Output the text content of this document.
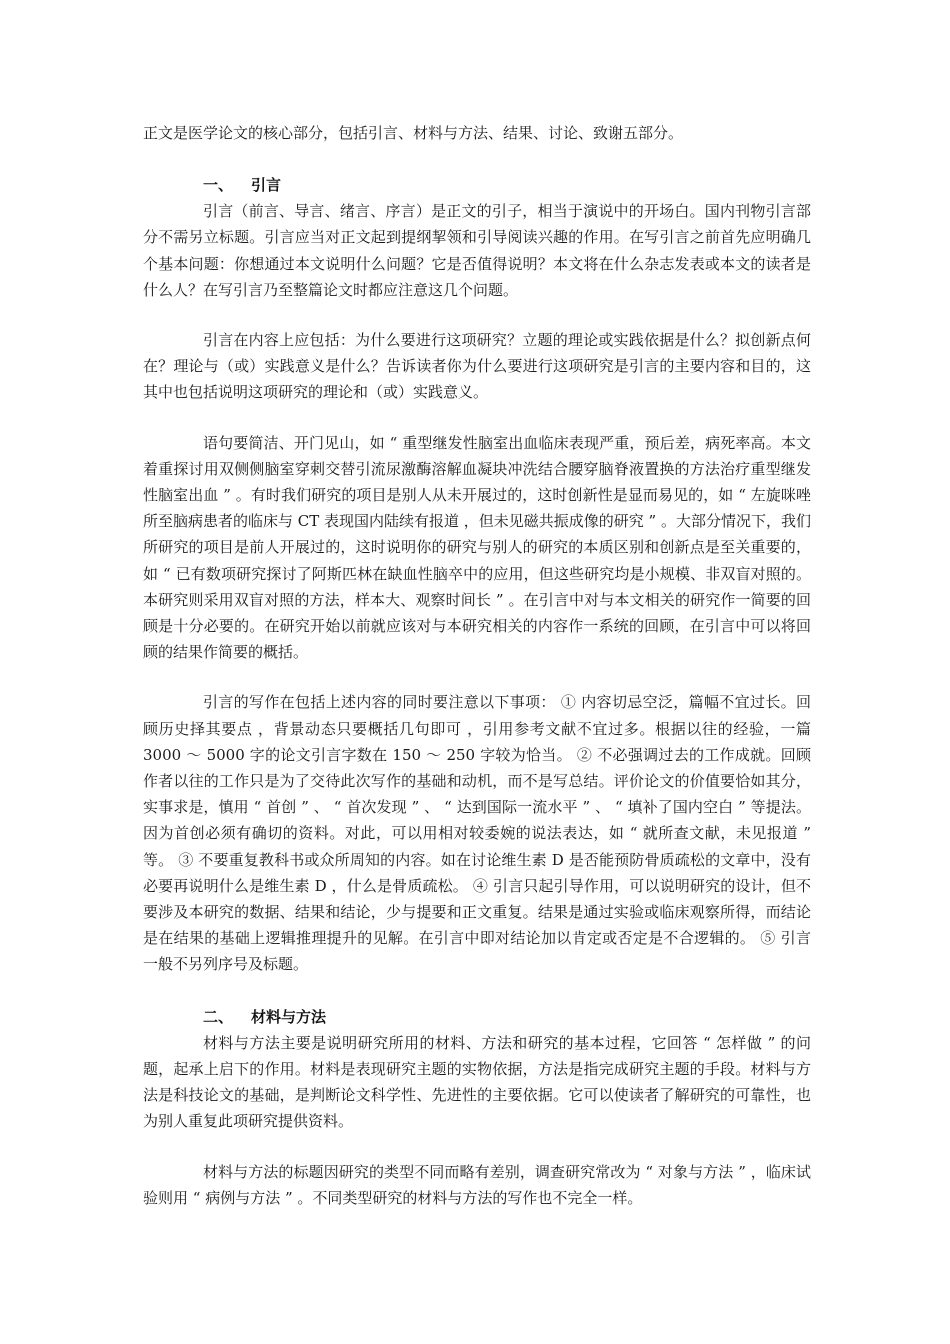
正文是医学论文的核心部分，包括引言、材料与方法、结果、讨论、致谢五部分。

一、 引言

引言（前言、导言、绪言、序言）是正文的引子，相当于演说中的开场白。国内刊物引言部分不需另立标题。引言应当对正文起到提纲挈领和引导阅读兴趣的作用。在写引言之前首先应明确几个基本问题：你想通过本文说明什么问题？它是否值得说明？本文将在什么杂志发表或本文的读者是什么人？在写引言乃至整篇论文时都应注意这几个问题。

引言在内容上应包括：为什么要进行这项研究？立题的理论或实践依据是什么？拟创新点何在？理论与（或）实践意义是什么？告诉读者你为什么要进行这项研究是引言的主要内容和目的，这其中也包括说明这项研究的理论和（或）实践意义。

语句要简洁、开门见山，如 “ 重型继发性脑室出血临床表现严重，预后差，病死率高。本文着重探讨用双侧侧脑室穿刺交替引流尿激酶溶解血凝块冲洗结合腰穿脑脊液置换的方法治疗重型继发性脑室出血 ” 。有时我们研究的项目是别人从未开展过的，这时创新性是显而易见的，如 “ 左旋咪唑所至脑病患者的临床与 CT 表现国内陆续有报道 ，但未见磁共振成像的研究 ” 。大部分情况下，我们所研究的项目是前人开展过的，这时说明你的研究与别人的研究的本质区别和创新点是至关重要的，如 “ 已有数项研究探讨了阿斯匹林在缺血性脑卒中的应用，但这些研究均是小规模、非双盲对照的。本研究则采用双盲对照的方法，样本大、观察时间长 ” 。在引言中对与本文相关的研究作一简要的回顾是十分必要的。在研究开始以前就应该对与本研究相关的内容作一系统的回顾，在引言中可以将回顾的结果作简要的概括。

引言的写作在包括上述内容的同时要注意以下事项： ① 内容切忌空泛，篇幅不宜过长。回顾历史择其要点 ，背景动态只要概括几句即可 ，引用参考文献不宜过多。根据以往的经验，一篇 3000 ～ 5000 字的论文引言字数在 150 ～ 250 字较为恰当。 ② 不必强调过去的工作成就。回顾作者以往的工作只是为了交待此次写作的基础和动机，而不是写总结。评价论文的价值要恰如其分，实事求是，慎用 “ 首创 ” 、 “ 首次发现 ” 、 “ 达到国际一流水平 ” 、 “ 填补了国内空白 ” 等提法。因为首创必须有确切的资料。对此，可以用相对较委婉的说法表达，如 “ 就所查文献，未见报道 ” 等。 ③ 不要重复教科书或众所周知的内容。如在讨论维生素 D 是否能预防骨质疏松的文章中，没有必要再说明什么是维生素 D ，什么是骨质疏松。 ④ 引言只起引导作用，可以说明研究的设计，但不要涉及本研究的数据、结果和结论，少与提要和正文重复。结果是通过实验或临床观察所得，而结论是在结果的基础上逻辑推理提升的见解。在引言中即对结论加以肯定或否定是不合逻辑的。 ⑤ 引言一般不另列序号及标题。

二、 材料与方法

材料与方法主要是说明研究所用的材料、方法和研究的基本过程，它回答 “ 怎样做 ” 的问题，起承上启下的作用。材料是表现研究主题的实物依据，方法是指完成研究主题的手段。材料与方法是科技论文的基础，是判断论文科学性、先进性的主要依据。它可以使读者了解研究的可靠性，也为别人重复此项研究提供资料。

材料与方法的标题因研究的类型不同而略有差别，调查研究常改为 “ 对象与方法 ” ，临床试验则用 “ 病例与方法 ” 。不同类型研究的材料与方法的写作也不完全一样。
